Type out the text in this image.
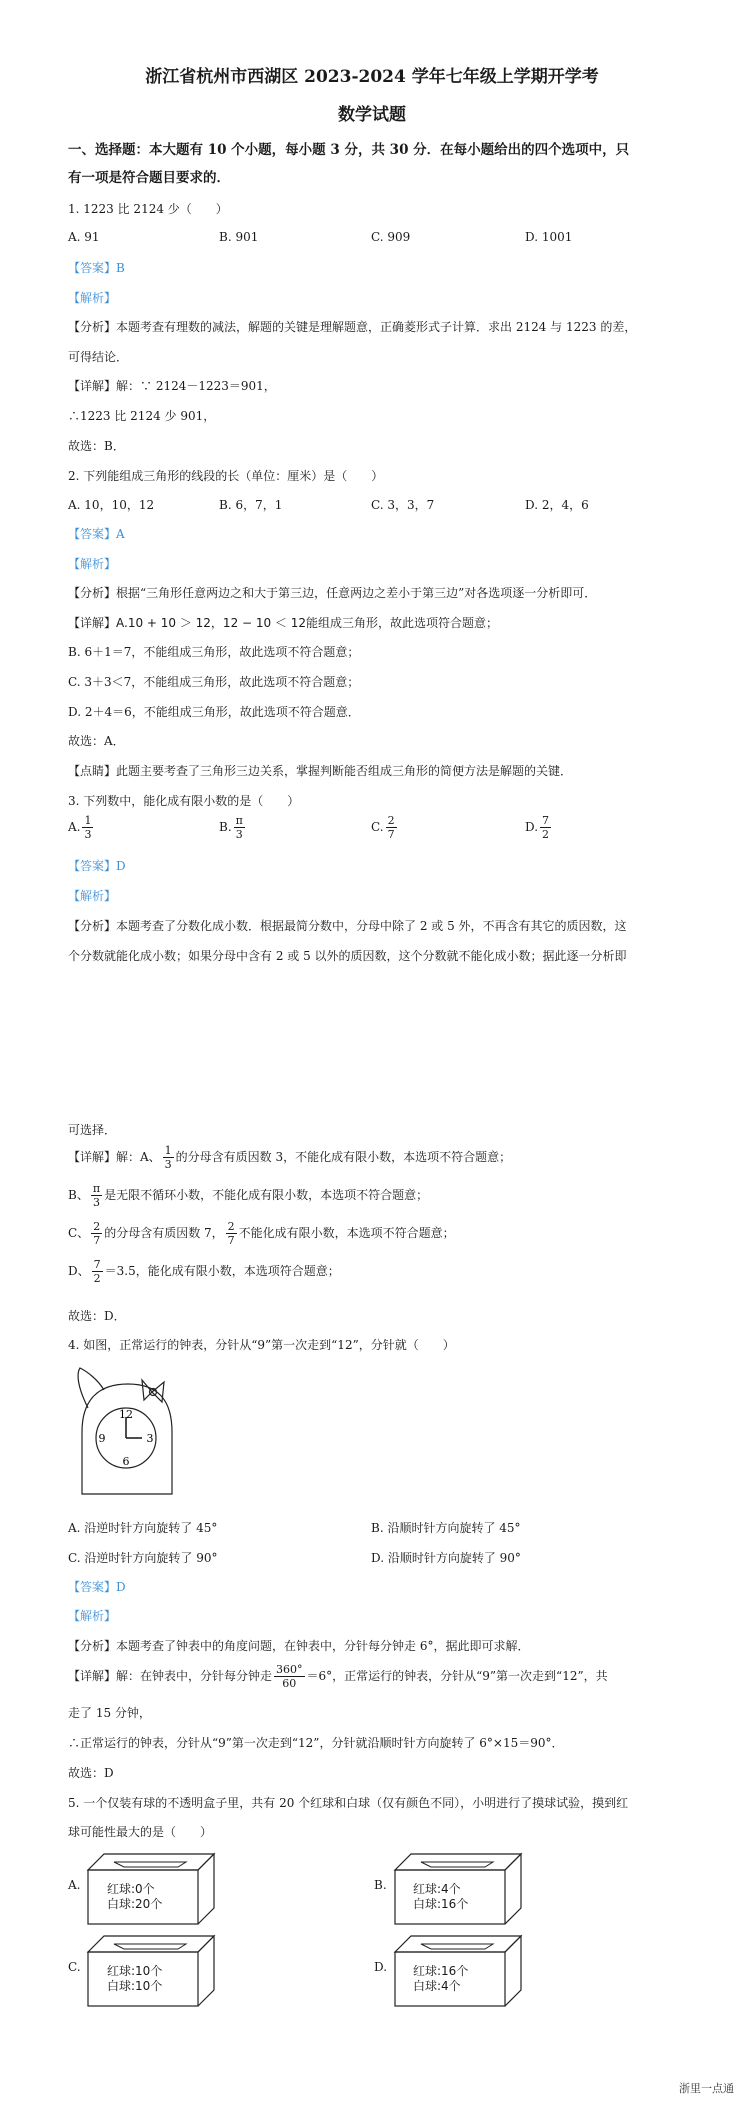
浙江省杭州市西湖区 2023-2024 学年七年级上学期开学考
数学试题
一、选择题：本大题有 10 个小题，每小题 3 分，共 30 分．在每小题给出的四个选项中，只
有一项是符合题目要求的．
1. 1223 比 2124 少（　　）
A. 91	B. 901	C. 909	D. 1001
【答案】B
【解析】
【分析】本题考查有理数的减法，解题的关键是理解题意，正确菱形式子计算．求出 2124 与 1223 的差，
可得结论．
【详解】解：∵ 2124－1223＝901，
∴1223 比 2124 少 901，
故选：B．
2. 下列能组成三角形的线段的长（单位：厘米）是（　　）
A. 10，10，12	B. 6，7，1	C. 3，3，7	D. 2，4，6
【答案】A
【解析】
【分析】根据“三角形任意两边之和大于第三边，任意两边之差小于第三边”对各选项逐一分析即可．
【详解】A.10 + 10 ＞ 12，12 − 10 ＜ 12能组成三角形，故此选项符合题意；
B. 6＋1＝7，不能组成三角形，故此选项不符合题意；
C. 3＋3＜7，不能组成三角形，故此选项不符合题意；
D. 2＋4＝6，不能组成三角形，故此选项不符合题意．
故选：A．
【点睛】此题主要考查了三角形三边关系，掌握判断能否组成三角形的简便方法是解题的关键．
3. 下列数中，能化成有限小数的是（　　）
A. $\frac{1}{3}$	B. $\frac{\pi}{3}$	C. $\frac{2}{7}$	D. $\frac{7}{2}$
【答案】D
【解析】
【分析】本题考查了分数化成小数．根据最简分数中，分母中除了 2 或 5 外，不再含有其它的质因数，这
个分数就能化成小数；如果分母中含有 2 或 5 以外的质因数，这个分数就不能化成小数；据此逐一分析即
可选择．
【详解】解：A、 $\frac{1}{3}$ 的分母含有质因数 3，不能化成有限小数，本选项不符合题意；
B、 $\frac{\pi}{3}$ 是无限不循环小数，不能化成有限小数，本选项不符合题意；
C、 $\frac{2}{7}$ 的分母含有质因数 7， $\frac{2}{7}$ 不能化成有限小数，本选项不符合题意；
D、 $\frac{7}{2} =3.5$，能化成有限小数，本选项符合题意；
故选：D．
4. 如图，正常运行的钟表，分针从“9”第一次走到“12”，分针就（　　）
12
3
6
9
A. 沿逆时针方向旋转了 45°	B. 沿顺时针方向旋转了 45°
C. 沿逆时针方向旋转了 90°	D. 沿顺时针方向旋转了 90°
【答案】D
【解析】
【分析】本题考查了钟表中的角度问题，在钟表中，分针每分钟走 6°，据此即可求解．
【详解】解：在钟表中，分针每分钟走 $\frac{360^\circ}{60} =6^\circ$，正常运行的钟表，分针从“9”第一次走到“12”，共
走了 15 分钟，
∴正常运行的钟表，分针从“9”第一次走到“12”，分针就沿顺时针方向旋转了 6°×15＝90°．
故选：D
5. 一个仅装有球的不透明盒子里，共有 20 个红球和白球（仅有颜色不同），小明进行了摸球试验，摸到红
球可能性最大的是（　　）
A. 红球:0个
白球:20个
B. 红球:4个
白球:16个
C. 红球:10个
白球:10个
D. 红球:16个
白球:4个
浙里一点通
